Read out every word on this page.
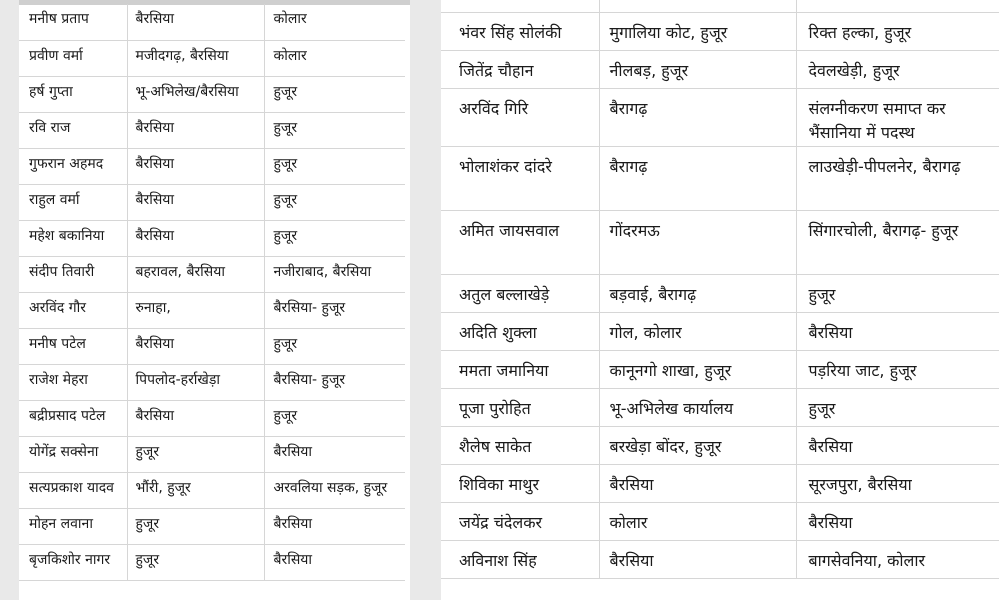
मनीष प्रताप	बैरसिया	कोलार
प्रवीण वर्मा	मजीदगढ़, बैरसिया	कोलार
हर्ष गुप्ता	भू-अभिलेख/बैरसिया	हुजूर
रवि राज	बैरसिया	हुजूर
गुफरान अहमद	बैरसिया	हुजूर
राहुल वर्मा	बैरसिया	हुजूर
महेश बकानिया	बैरसिया	हुजूर
संदीप तिवारी	बहरावल, बैरसिया	नजीराबाद, बैरसिया
अरविंद गौर	रुनाहा,	बैरसिया- हुजूर
मनीष पटेल	बैरसिया	हुजूर
राजेश मेहरा	पिपलोद-हर्राखेड़ा	बैरसिया- हुजूर
बद्रीप्रसाद पटेल	बैरसिया	हुजूर
योगेंद्र सक्सेना	हुजूर	बैरसिया
सत्यप्रकाश यादव	भौंरी, हुजूर	अरवलिया सड़क, हुजूर
मोहन लवाना	हुजूर	बैरसिया
बृजकिशोर नागर	हुजूर	बैरसिया

भंवर सिंह सोलंकी	मुगालिया कोट, हुजूर	रिक्त हल्का, हुजूर
जितेंद्र चौहान	नीलबड़, हुजूर	देवलखेड़ी, हुजूर
अरविंद गिरि	बैरागढ़	संलग्नीकरण समाप्त कर भैंसानिया में पदस्थ
भोलाशंकर दांदरे	बैरागढ़	लाउखेड़ी-पीपलनेर, बैरागढ़
अमित जायसवाल	गोंदरमऊ	सिंगारचोली, बैरागढ़- हुजूर
अतुल बल्लाखेड़े	बड़वाई, बैरागढ़	हुजूर
अदिति शुक्ला	गोल, कोलार	बैरसिया
ममता जमानिया	कानूनगो शाखा, हुजूर	पड़रिया जाट, हुजूर
पूजा पुरोहित	भू-अभिलेख कार्यालय	हुजूर
शैलेष साकेत	बरखेड़ा बोंदर, हुजूर	बैरसिया
शिविका माथुर	बैरसिया	सूरजपुरा, बैरसिया
जयेंद्र चंदेलकर	कोलार	बैरसिया
अविनाश सिंह	बैरसिया	बागसेवनिया, कोलार
